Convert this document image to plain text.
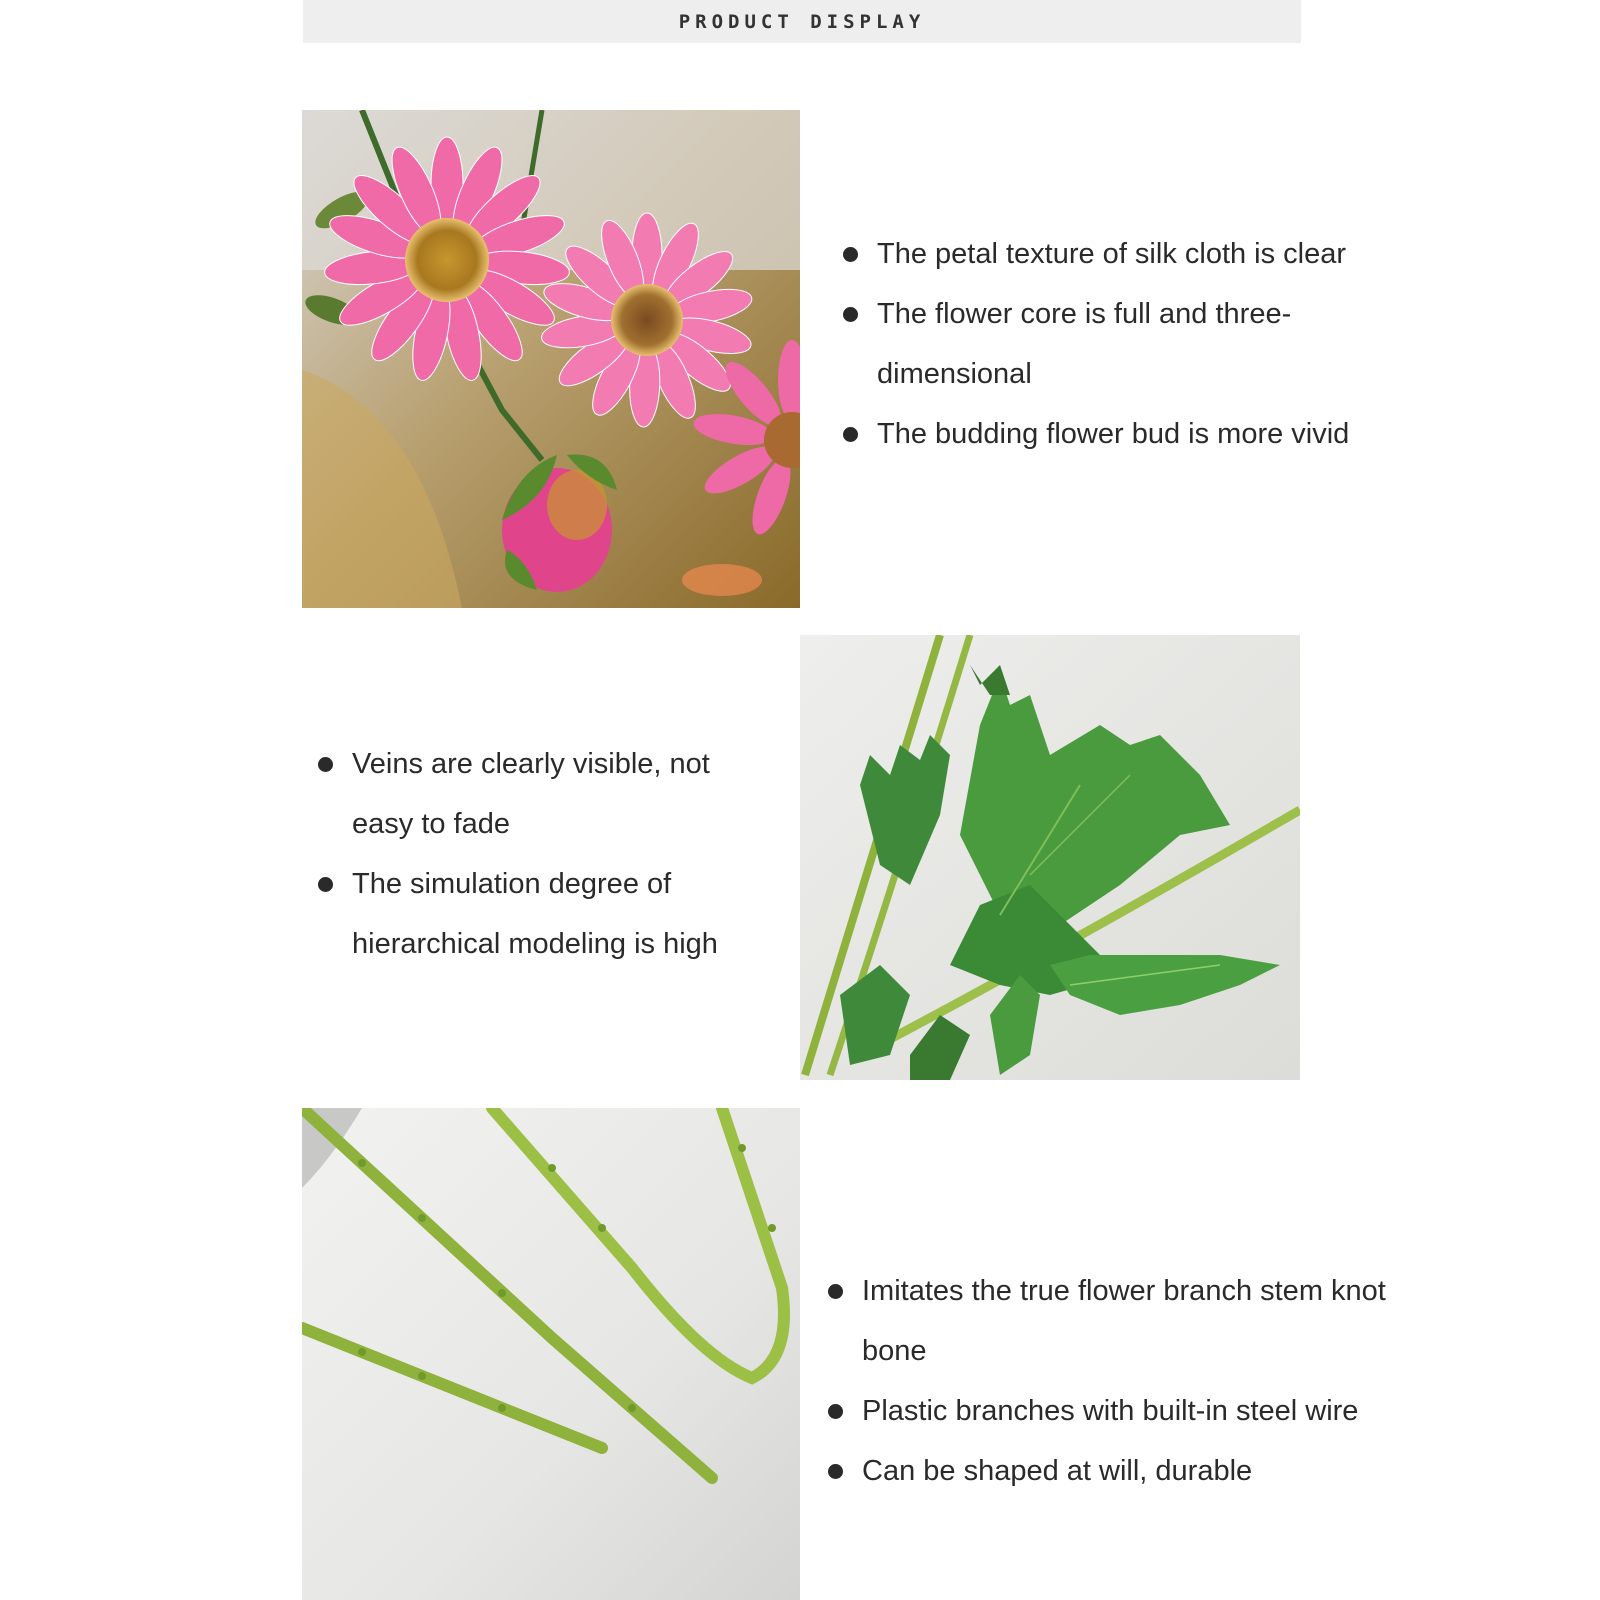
PRODUCT DISPLAY
The petal texture of silk cloth is clear
The flower core is full and three-dimensional
The budding flower bud is more vivid
Veins are clearly visible, not easy to fade
The simulation degree of hierarchical modeling is high
Imitates the true flower branch stem knot bone
Plastic branches with built-in steel wire
Can be shaped at will, durable
